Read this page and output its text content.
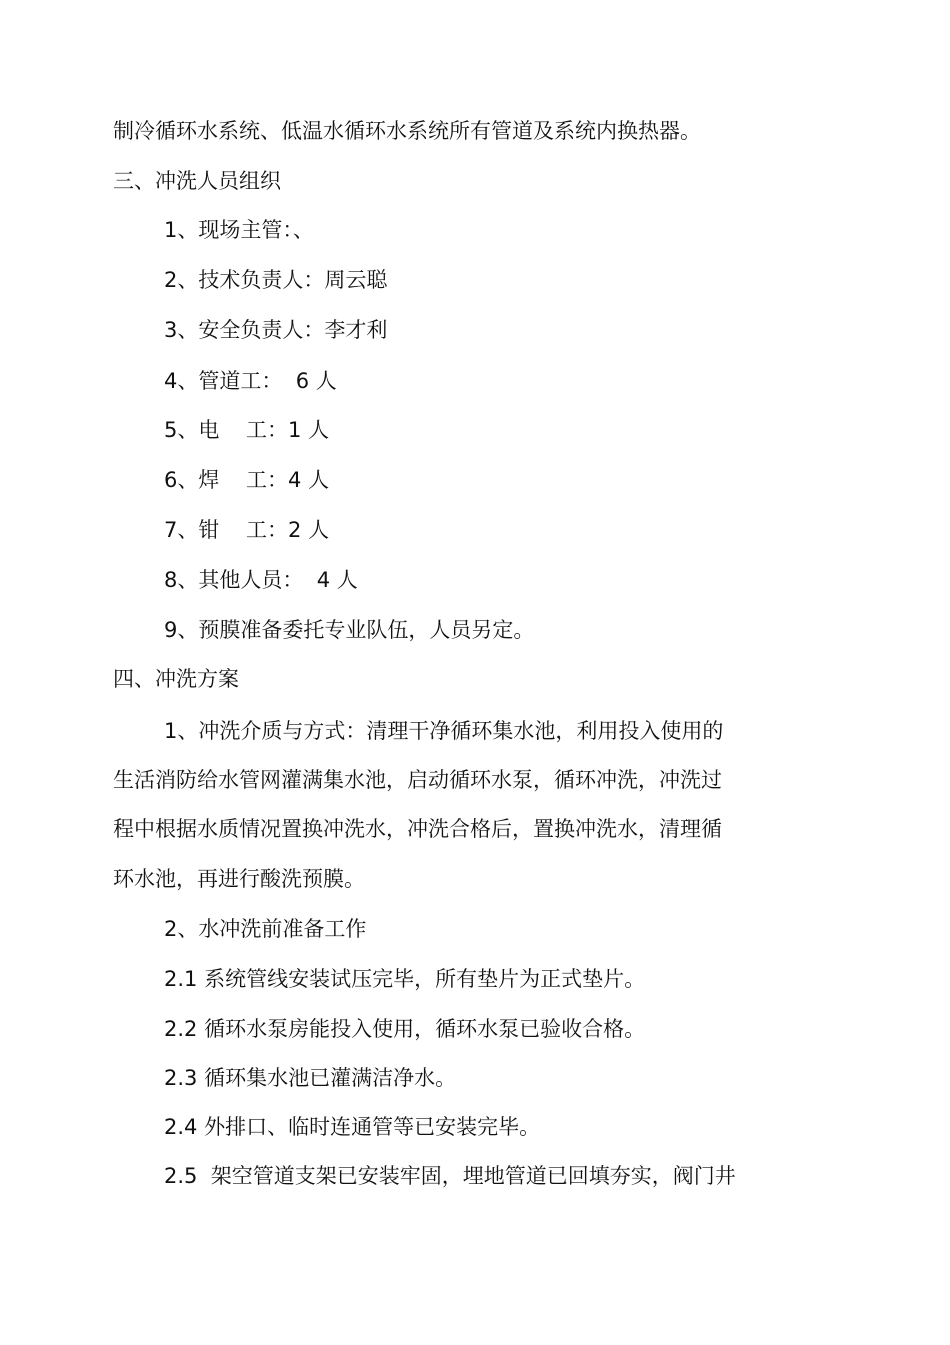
制冷循环水系统、低温水循环水系统所有管道及系统内换热器。
三、冲洗人员组织
1、现场主管：、
2、技术负责人：周云聪
3、安全负责人：李才利
4、管道工：  6 人
5、电    工：1 人
6、焊    工：4 人
7、钳    工：2 人
8、其他人员：  4 人
9、预膜准备委托专业队伍，人员另定。
四、冲洗方案
1、冲洗介质与方式：清理干净循环集水池，利用投入使用的
生活消防给水管网灌满集水池，启动循环水泵，循环冲洗，冲洗过
程中根据水质情况置换冲洗水，冲洗合格后，置换冲洗水，清理循
环水池，再进行酸洗预膜。
2、水冲洗前准备工作
2.1 系统管线安装试压完毕，所有垫片为正式垫片。
2.2 循环水泵房能投入使用，循环水泵已验收合格。
2.3 循环集水池已灌满洁净水。
2.4 外排口、临时连通管等已安装完毕。
2.5  架空管道支架已安装牢固，埋地管道已回填夯实，阀门井
